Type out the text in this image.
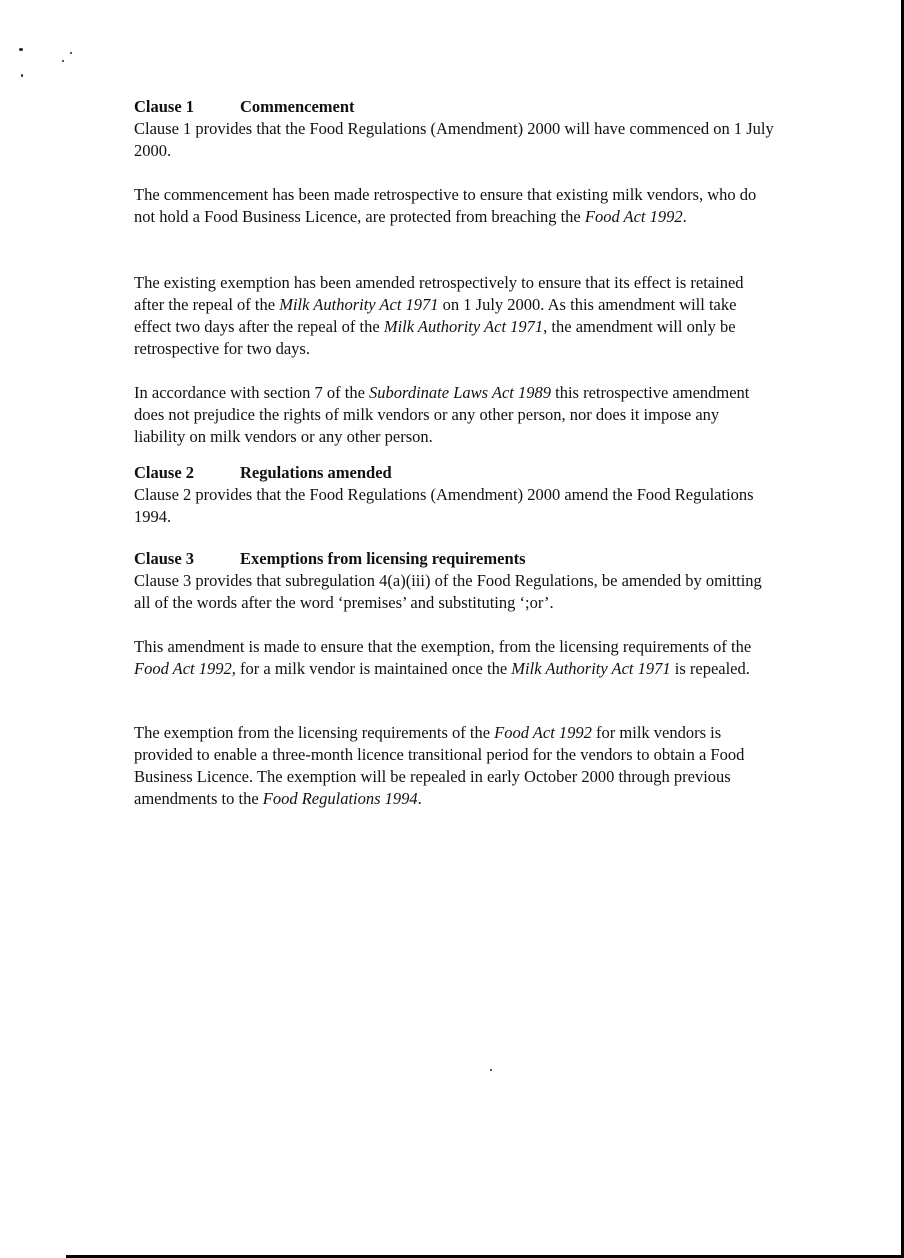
Clause 1	Commencement

Clause 1 provides that the Food Regulations (Amendment) 2000 will have commenced on 1 July 2000.

The commencement has been made retrospective to ensure that existing milk vendors, who do not hold a Food Business Licence, are protected from breaching the Food Act 1992.

The existing exemption has been amended retrospectively to ensure that its effect is retained after the repeal of the Milk Authority Act 1971 on 1 July 2000. As this amendment will take effect two days after the repeal of the Milk Authority Act 1971, the amendment will only be retrospective for two days.

In accordance with section 7 of the Subordinate Laws Act 1989 this retrospective amendment does not prejudice the rights of milk vendors or any other person, nor does it impose any liability on milk vendors or any other person.

Clause 2	Regulations amended

Clause 2 provides that the Food Regulations (Amendment) 2000 amend the Food Regulations 1994.

Clause 3	Exemptions from licensing requirements

Clause 3 provides that subregulation 4(a)(iii) of the Food Regulations, be amended by omitting all of the words after the word ‘premises’ and substituting ‘;or’.

This amendment is made to ensure that the exemption, from the licensing requirements of the Food Act 1992, for a milk vendor is maintained once the Milk Authority Act 1971 is repealed.

The exemption from the licensing requirements of the Food Act 1992 for milk vendors is provided to enable a three-month licence transitional period for the vendors to obtain a Food Business Licence. The exemption will be repealed in early October 2000 through previous amendments to the Food Regulations 1994.
